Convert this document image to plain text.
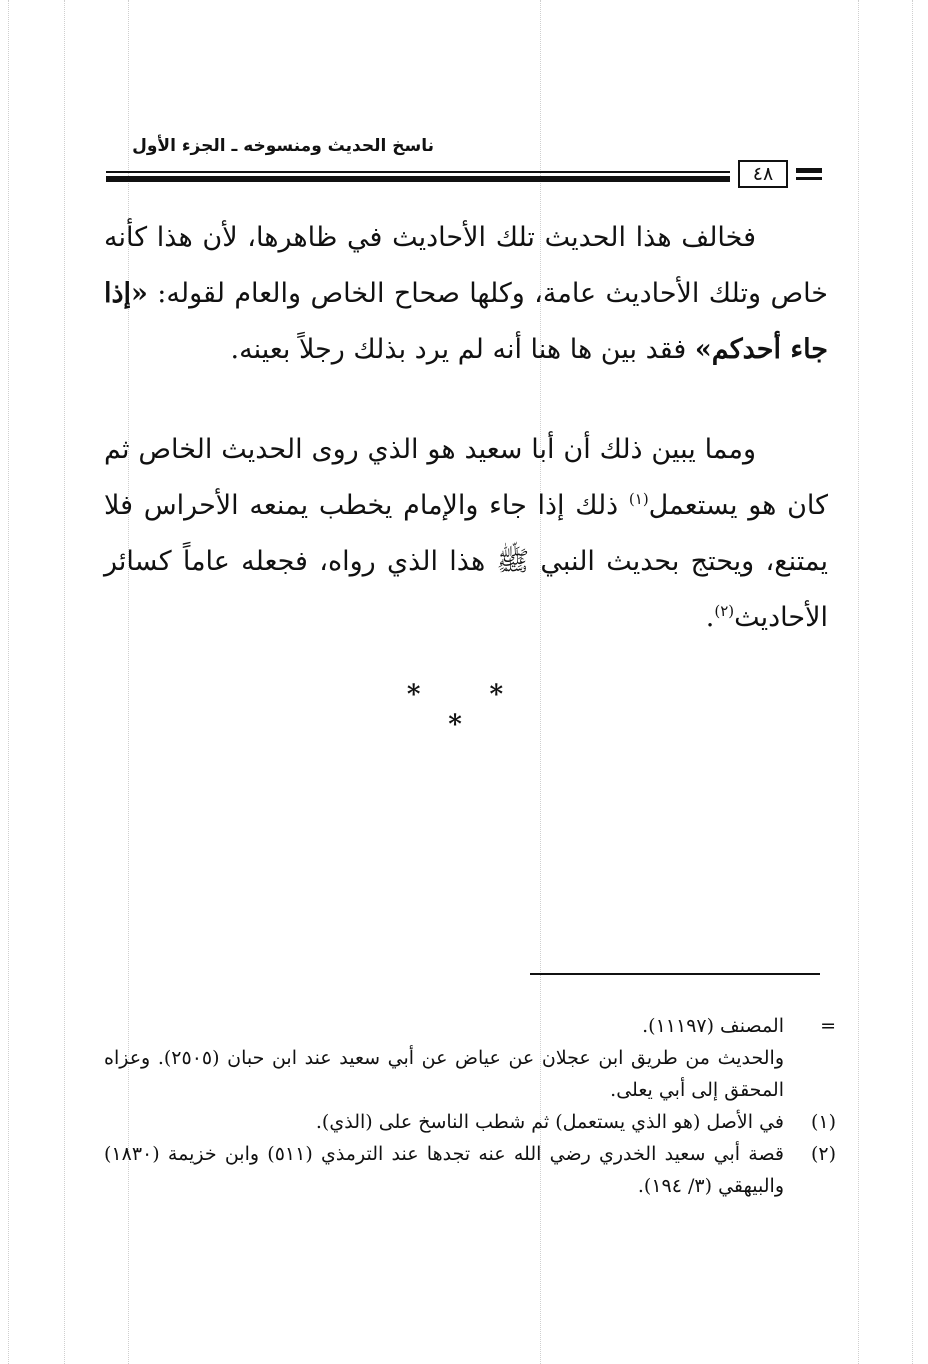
ناسخ الحديث ومنسوخه ـ الجزء الأول
٤٨
فخالف هذا الحديث تلك الأحاديث في ظاهرها، لأن هذا كأنه خاص وتلك الأحاديث عامة، وكلها صحاح الخاص والعام لقوله: «إذا جاء أحدكم» فقد بين ها هنا أنه لم يرد بذلك رجلاً بعينه.
ومما يبين ذلك أن أبا سعيد هو الذي روى الحديث الخاص ثم كان هو يستعمل$^{(١)}$ ذلك إذا جاء والإمام يخطب يمنعه الأحراس فلا يمتنع، ويحتج بحديث النبي ﷺ هذا الذي رواه، فجعله عاماً كسائر الأحاديث$^{(٢)}$.
* * *
=
المصنف (١١١٩٧).
والحديث من طريق ابن عجلان عن عياض عن أبي سعيد عند ابن حبان (٢٥٠٥). وعزاه المحقق إلى أبي يعلى.
(١)
في الأصل (هو الذي يستعمل) ثم شطب الناسخ على (الذي).
(٢)
قصة أبي سعيد الخدري رضي الله عنه تجدها عند الترمذي (٥١١) وابن خزيمة (١٨٣٠) والبيهقي (٣/ ١٩٤).
